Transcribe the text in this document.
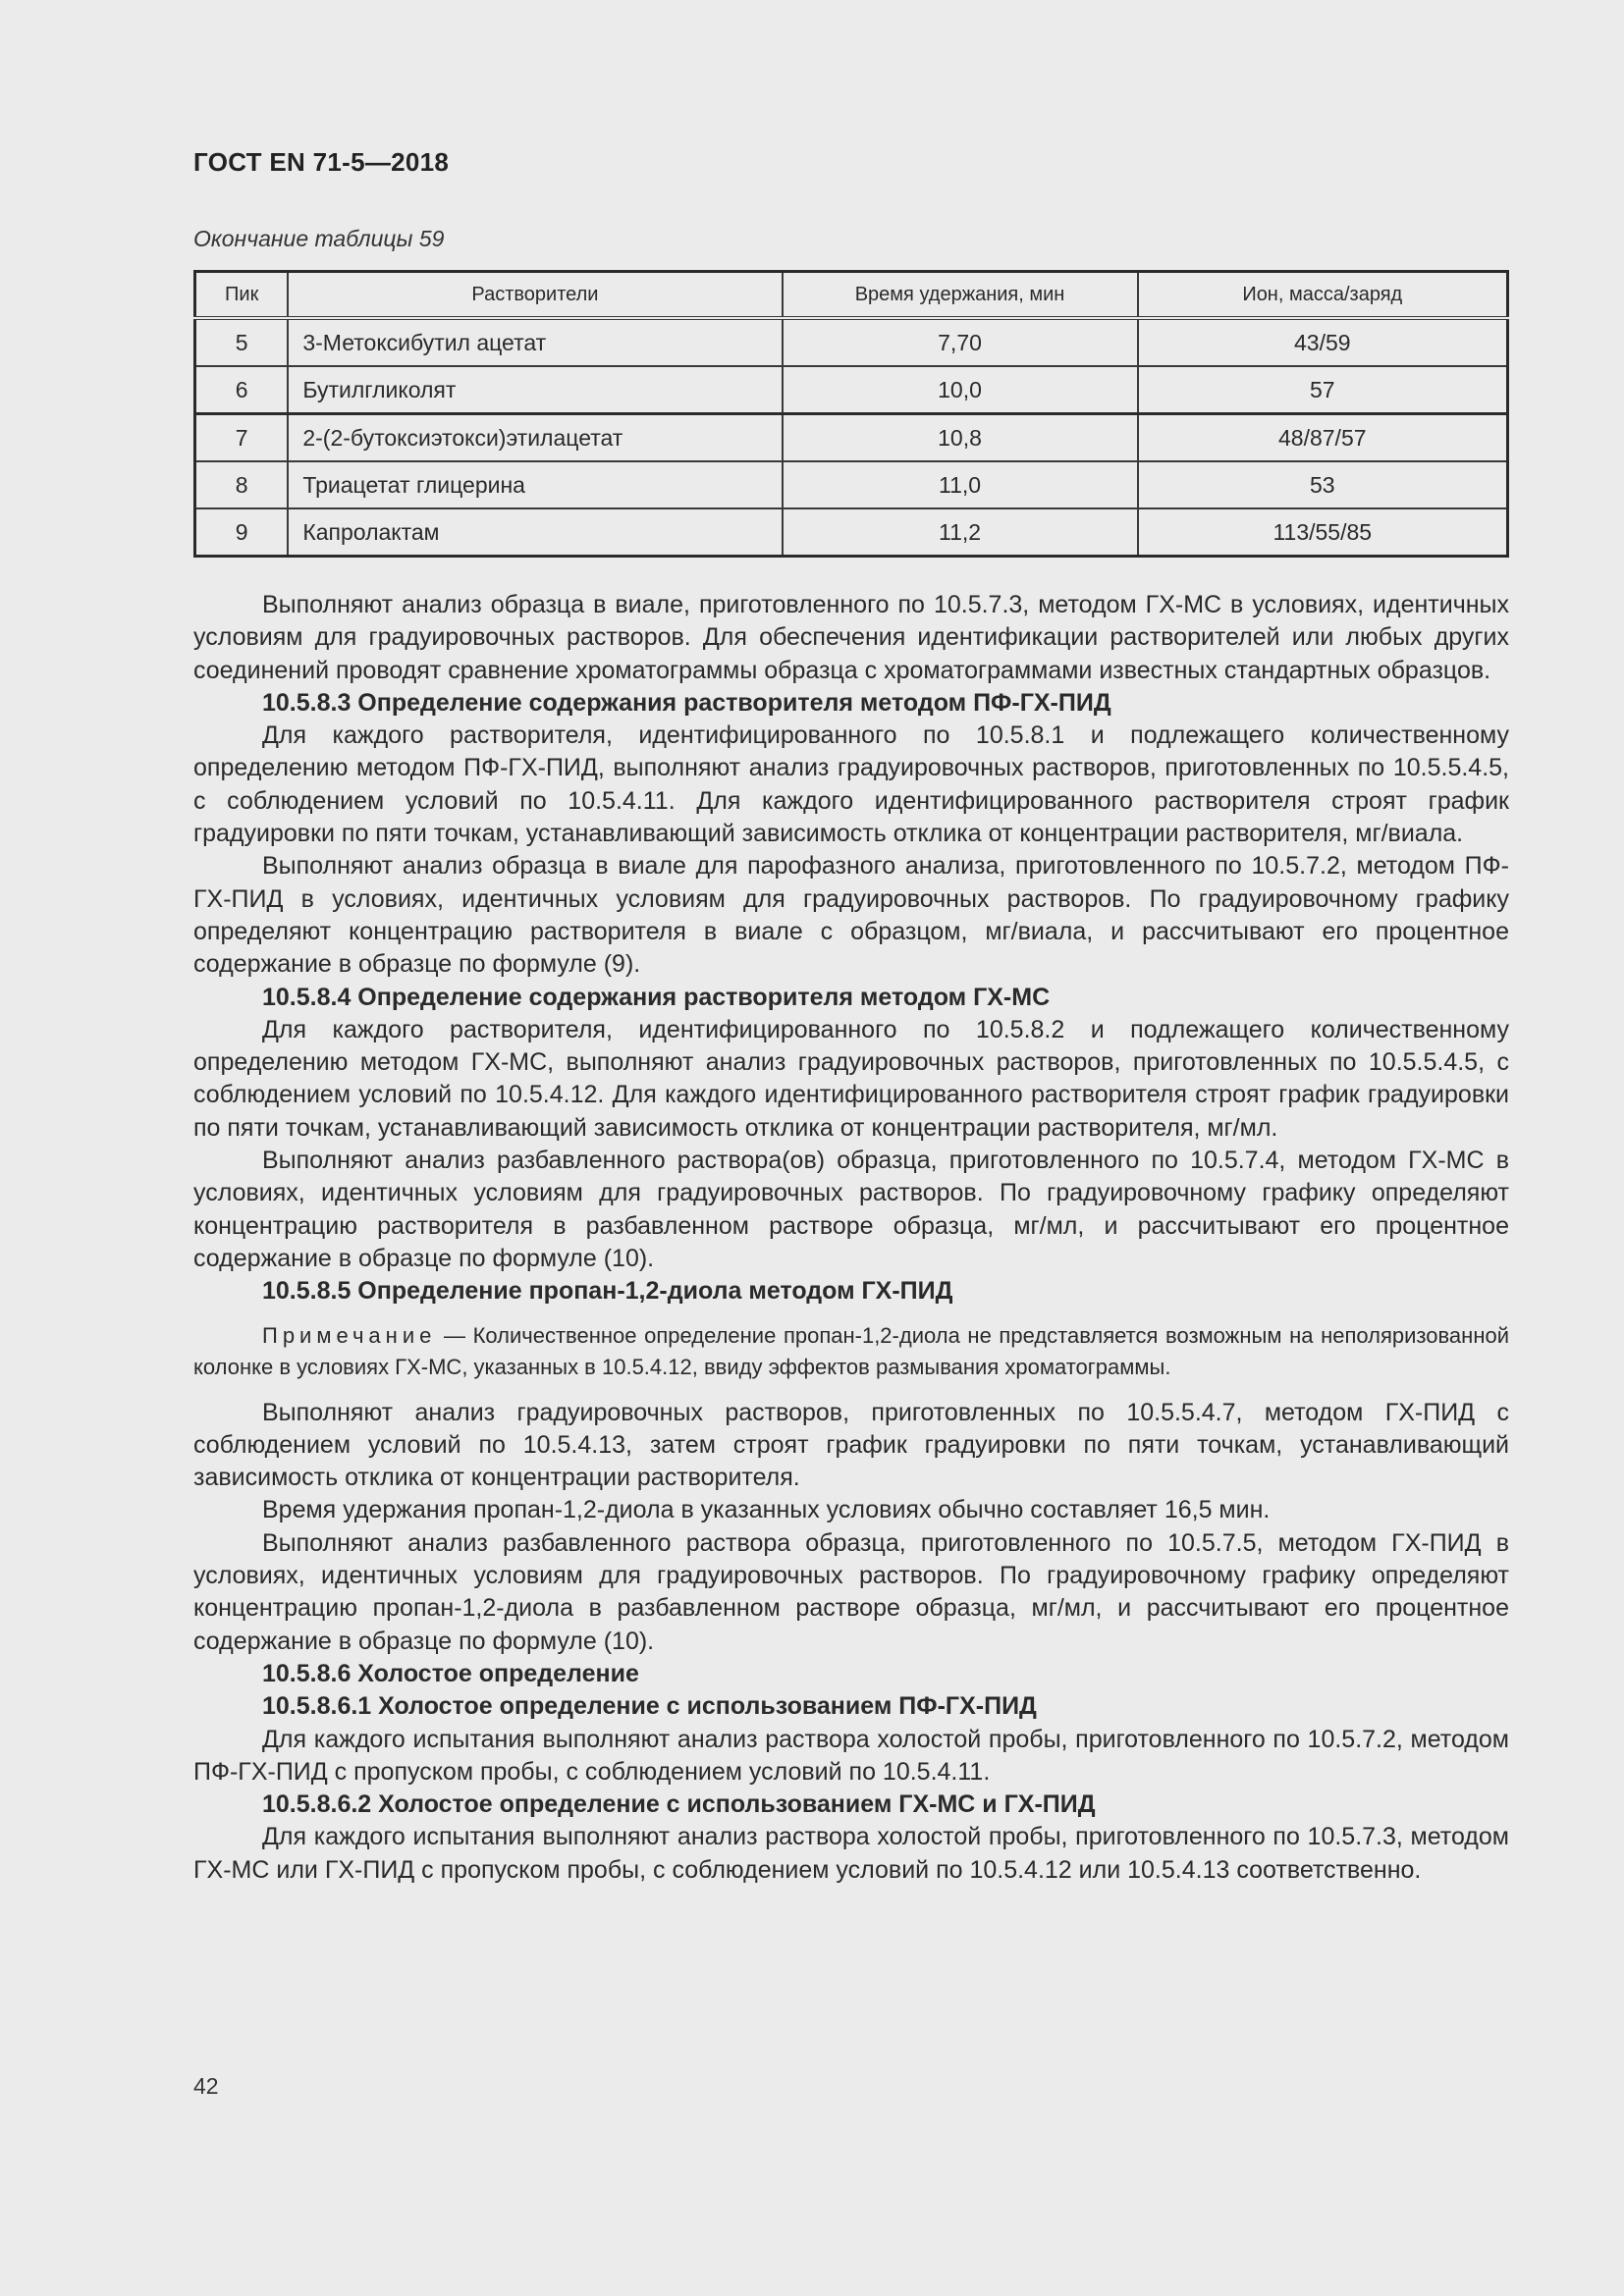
ГОСТ EN 71-5—2018
Окончание таблицы 59
Пик	Растворители	Время удержания, мин	Ион, масса/заряд
5	3-Метоксибутил ацетат	7,70	43/59
6	Бутилгликолят	10,0	57
7	2-(2-бутоксиэтокси)этилацетат	10,8	48/87/57
8	Триацетат глицерина	11,0	53
9	Капролактам	11,2	113/55/85

Выполняют анализ образца в виале, приготовленного по 10.5.7.3, методом ГХ-МС в условиях, идентичных условиям для градуировочных растворов. Для обеспечения идентификации растворителей или любых других соединений проводят сравнение хроматограммы образца с хроматограммами известных стандартных образцов.

10.5.8.3 Определение содержания растворителя методом ПФ-ГХ-ПИД

Для каждого растворителя, идентифицированного по 10.5.8.1 и подлежащего количественному определению методом ПФ-ГХ-ПИД, выполняют анализ градуировочных растворов, приготовленных по 10.5.5.4.5, с соблюдением условий по 10.5.4.11. Для каждого идентифицированного растворителя строят график градуировки по пяти точкам, устанавливающий зависимость отклика от концентрации растворителя, мг/виала.

Выполняют анализ образца в виале для парофазного анализа, приготовленного по 10.5.7.2, методом ПФ-ГХ-ПИД в условиях, идентичных условиям для градуировочных растворов. По градуировочному графику определяют концентрацию растворителя в виале с образцом, мг/виала, и рассчитывают его процентное содержание в образце по формуле (9).

10.5.8.4 Определение содержания растворителя методом ГХ-МС

Для каждого растворителя, идентифицированного по 10.5.8.2 и подлежащего количественному определению методом ГХ-МС, выполняют анализ градуировочных растворов, приготовленных по 10.5.5.4.5, с соблюдением условий по 10.5.4.12. Для каждого идентифицированного растворителя строят график градуировки по пяти точкам, устанавливающий зависимость отклика от концентрации растворителя, мг/мл.

Выполняют анализ разбавленного раствора(ов) образца, приготовленного по 10.5.7.4, методом ГХ-МС в условиях, идентичных условиям для градуировочных растворов. По градуировочному графику определяют концентрацию растворителя в разбавленном растворе образца, мг/мл, и рассчитывают его процентное содержание в образце по формуле (10).

10.5.8.5 Определение пропан-1,2-диола методом ГХ-ПИД

Примечание — Количественное определение пропан-1,2-диола не представляется возможным на неполяризованной колонке в условиях ГХ-МС, указанных в 10.5.4.12, ввиду эффектов размывания хроматограммы.

Выполняют анализ градуировочных растворов, приготовленных по 10.5.5.4.7, методом ГХ-ПИД с соблюдением условий по 10.5.4.13, затем строят график градуировки по пяти точкам, устанавливающий зависимость отклика от концентрации растворителя.

Время удержания пропан-1,2-диола в указанных условиях обычно составляет 16,5 мин.

Выполняют анализ разбавленного раствора образца, приготовленного по 10.5.7.5, методом ГХ-ПИД в условиях, идентичных условиям для градуировочных растворов. По градуировочному графику определяют концентрацию пропан-1,2-диола в разбавленном растворе образца, мг/мл, и рассчитывают его процентное содержание в образце по формуле (10).

10.5.8.6 Холостое определение

10.5.8.6.1 Холостое определение с использованием ПФ-ГХ-ПИД

Для каждого испытания выполняют анализ раствора холостой пробы, приготовленного по 10.5.7.2, методом ПФ-ГХ-ПИД с пропуском пробы, с соблюдением условий по 10.5.4.11.

10.5.8.6.2 Холостое определение с использованием ГХ-МС и ГХ-ПИД

Для каждого испытания выполняют анализ раствора холостой пробы, приготовленного по 10.5.7.3, методом ГХ-МС или ГХ-ПИД с пропуском пробы, с соблюдением условий по 10.5.4.12 или 10.5.4.13 соответственно.

42
